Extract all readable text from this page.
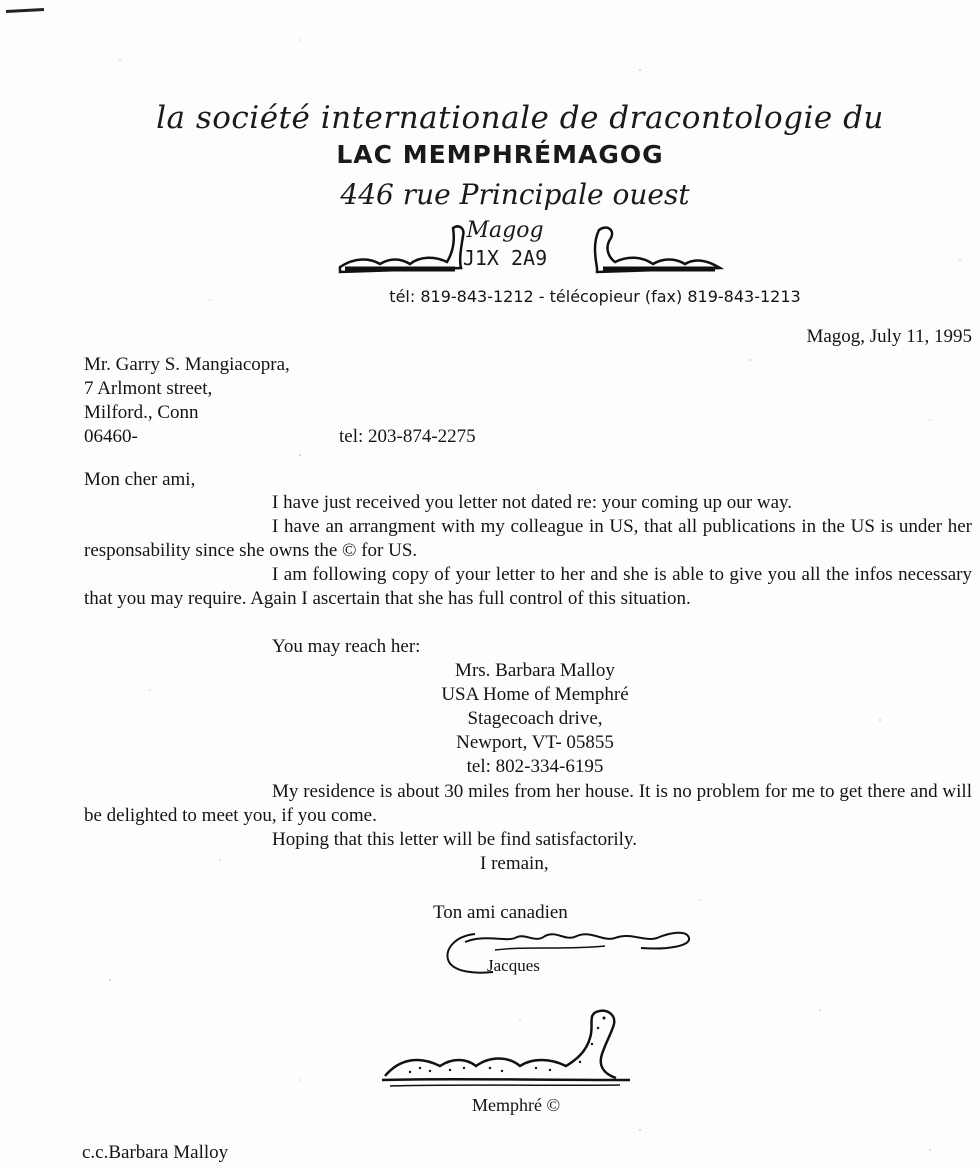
la société internationale de dracontologie du
LAC MEMPHRÉMAGOG
446 rue Principale ouest
Magog
J1X 2A9
tél: 819-843-1212 - télécopieur (fax) 819-843-1213
Magog, July 11, 1995
Mr. Garry S. Mangiacopra,
7 Arlmont street,
Milford., Conn
06460-	tel: 203-874-2275
Mon cher ami,
I have just received you letter not dated re: your coming up our way.
I have an arrangment with my colleague in US, that all publications in the US is under her responsability since she owns the © for US.
I am following copy of your letter to her and she is able to give you all the infos necessary that you may require. Again I ascertain that she has full control of this situation.
You may reach her:
Mrs. Barbara Malloy
USA Home of Memphré
Stagecoach drive,
Newport, VT- 05855
tel: 802-334-6195
My residence is about 30 miles from her house. It is no problem for me to get there and will be delighted to meet you, if you come.
Hoping that this letter will be find satisfactorily.
I remain,
Ton ami canadien
Jacques
Memphré ©
c.c.Barbara Malloy
